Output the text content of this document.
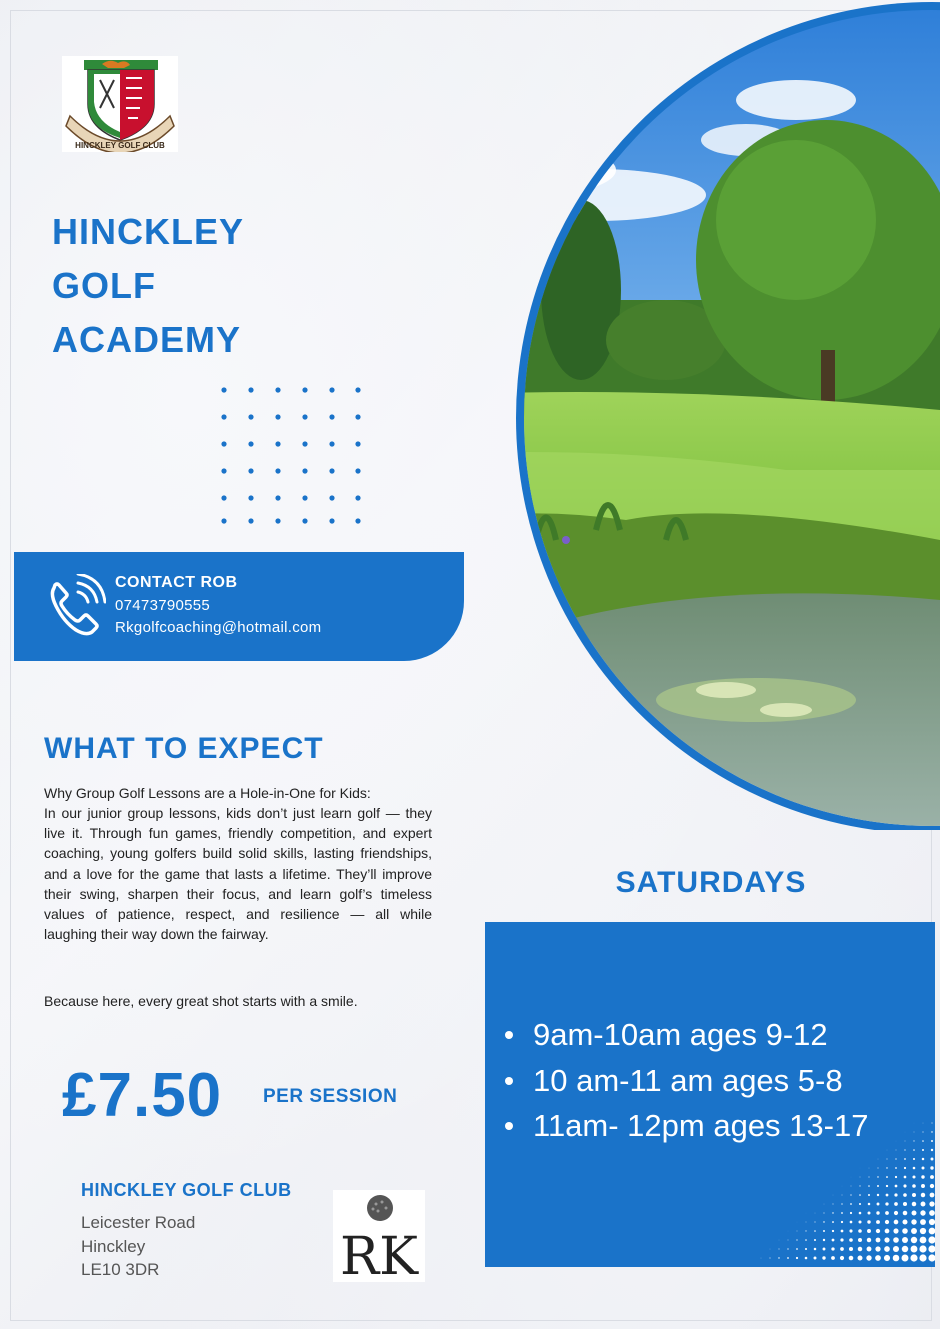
HINCKLEY GOLF CLUB
HINCKLEY
GOLF
ACADEMY
CONTACT ROB
07473790555
Rkgolfcoaching@hotmail.com
WHAT TO EXPECT
Why Group Golf Lessons are a Hole-in-One for Kids:
In our junior group lessons, kids don’t just learn golf — they live it. Through fun games, friendly competition, and expert coaching, young golfers build solid skills, lasting friendships, and a love for the game that lasts a lifetime. They’ll improve their swing, sharpen their focus, and learn golf’s timeless values of patience, respect, and resilience — all while laughing their way down the fairway.
Because here, every great shot starts with a smile.
£7.50 PER SESSION
HINCKLEY GOLF CLUB
Leicester Road
Hinckley
LE10 3DR	RK
SATURDAYS
9am-10am ages 9-12
10 am-11 am ages 5-8
11am- 12pm ages 13-17
